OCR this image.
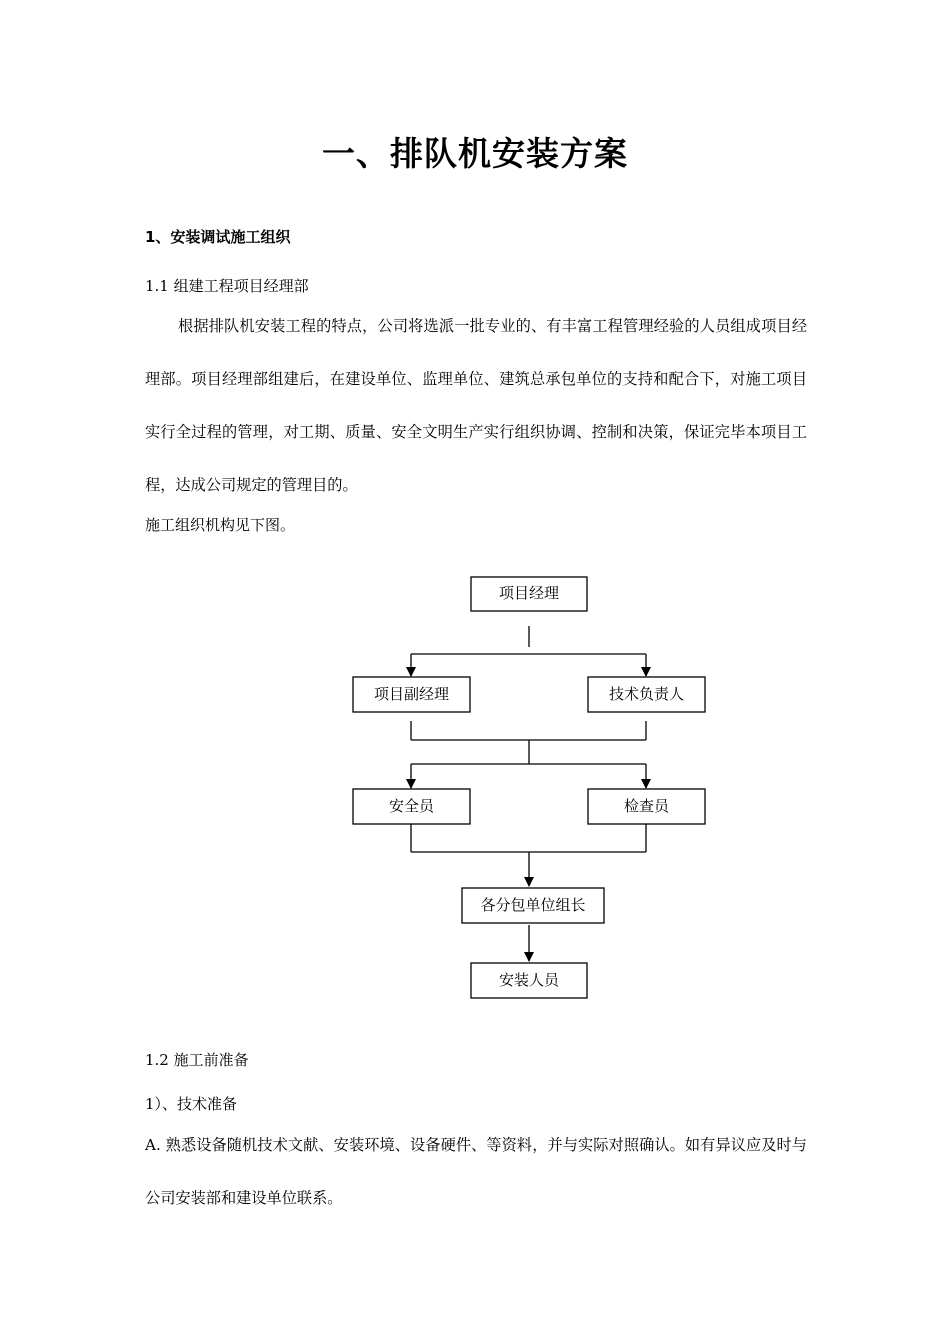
一、排队机安装方案
1、安装调试施工组织
1.1 组建工程项目经理部
根据排队机安装工程的特点，公司将选派一批专业的、有丰富工程管理经验的人员组成项目经理部。项目经理部组建后，在建设单位、监理单位、建筑总承包单位的支持和配合下，对施工项目实行全过程的管理，对工期、质量、安全文明生产实行组织协调、控制和决策，保证完毕本项目工程，达成公司规定的管理目的。
施工组织机构见下图。
项目经理
项目副经理	技术负责人
安全员	检查员
各分包单位组长
安装人员
1.2 施工前准备
1）、技术准备
A. 熟悉设备随机技术文献、安装环境、设备硬件、等资料，并与实际对照确认。如有异议应及时与公司安装部和建设单位联系。
